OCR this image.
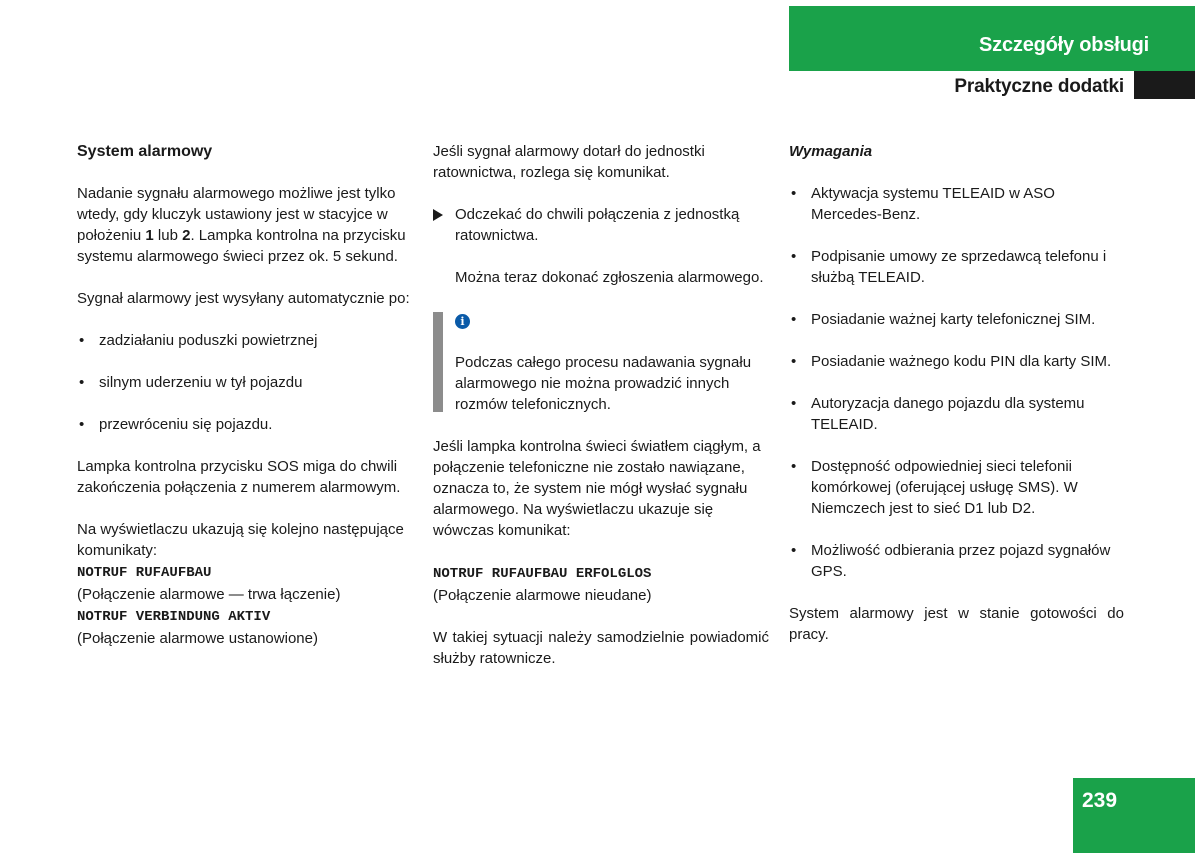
Szczegóły obsługi
Praktyczne dodatki

System alarmowy

Nadanie sygnału alarmowego możliwe jest tylko wtedy, gdy kluczyk ustawiony jest w stacyjce w położeniu 1 lub 2. Lampka kontrolna na przycisku systemu alarmowego świeci przez ok. 5 sekund.

Sygnał alarmowy jest wysyłany automatycznie po:

• zadziałaniu poduszki powietrznej
• silnym uderzeniu w tył pojazdu
• przewróceniu się pojazdu.

Lampka kontrolna przycisku SOS miga do chwili zakończenia połączenia z numerem alarmowym.

Na wyświetlaczu ukazują się kolejno następujące komunikaty:
NOTRUF RUFAUFBAU
(Połączenie alarmowe — trwa łączenie)
NOTRUF VERBINDUNG AKTIV
(Połączenie alarmowe ustanowione)

Jeśli sygnał alarmowy dotarł do jednostki ratownictwa, rozlega się komunikat.

Odczekać do chwili połączenia z jednostką ratownictwa.

Można teraz dokonać zgłoszenia alarmowego.

i

Podczas całego procesu nadawania sygnału alarmowego nie można prowadzić innych rozmów telefonicznych.

Jeśli lampka kontrolna świeci światłem ciągłym, a połączenie telefoniczne nie zostało nawiązane, oznacza to, że system nie mógł wysłać sygnału alarmowego. Na wyświetlaczu ukazuje się wówczas komunikat:

NOTRUF RUFAUFBAU ERFOLGLOS
(Połączenie alarmowe nieudane)

W takiej sytuacji należy samodzielnie powiadomić służby ratownicze.

Wymagania

• Aktywacja systemu TELEAID w ASO Mercedes-Benz.
• Podpisanie umowy ze sprzedawcą telefonu i służbą TELEAID.
• Posiadanie ważnej karty telefonicznej SIM.
• Posiadanie ważnego kodu PIN dla karty SIM.
• Autoryzacja danego pojazdu dla systemu TELEAID.
• Dostępność odpowiedniej sieci telefonii komórkowej (oferującej usługę SMS). W Niemczech jest to sieć D1 lub D2.
• Możliwość odbierania przez pojazd sygnałów GPS.

System alarmowy jest w stanie gotowości do pracy.

239
